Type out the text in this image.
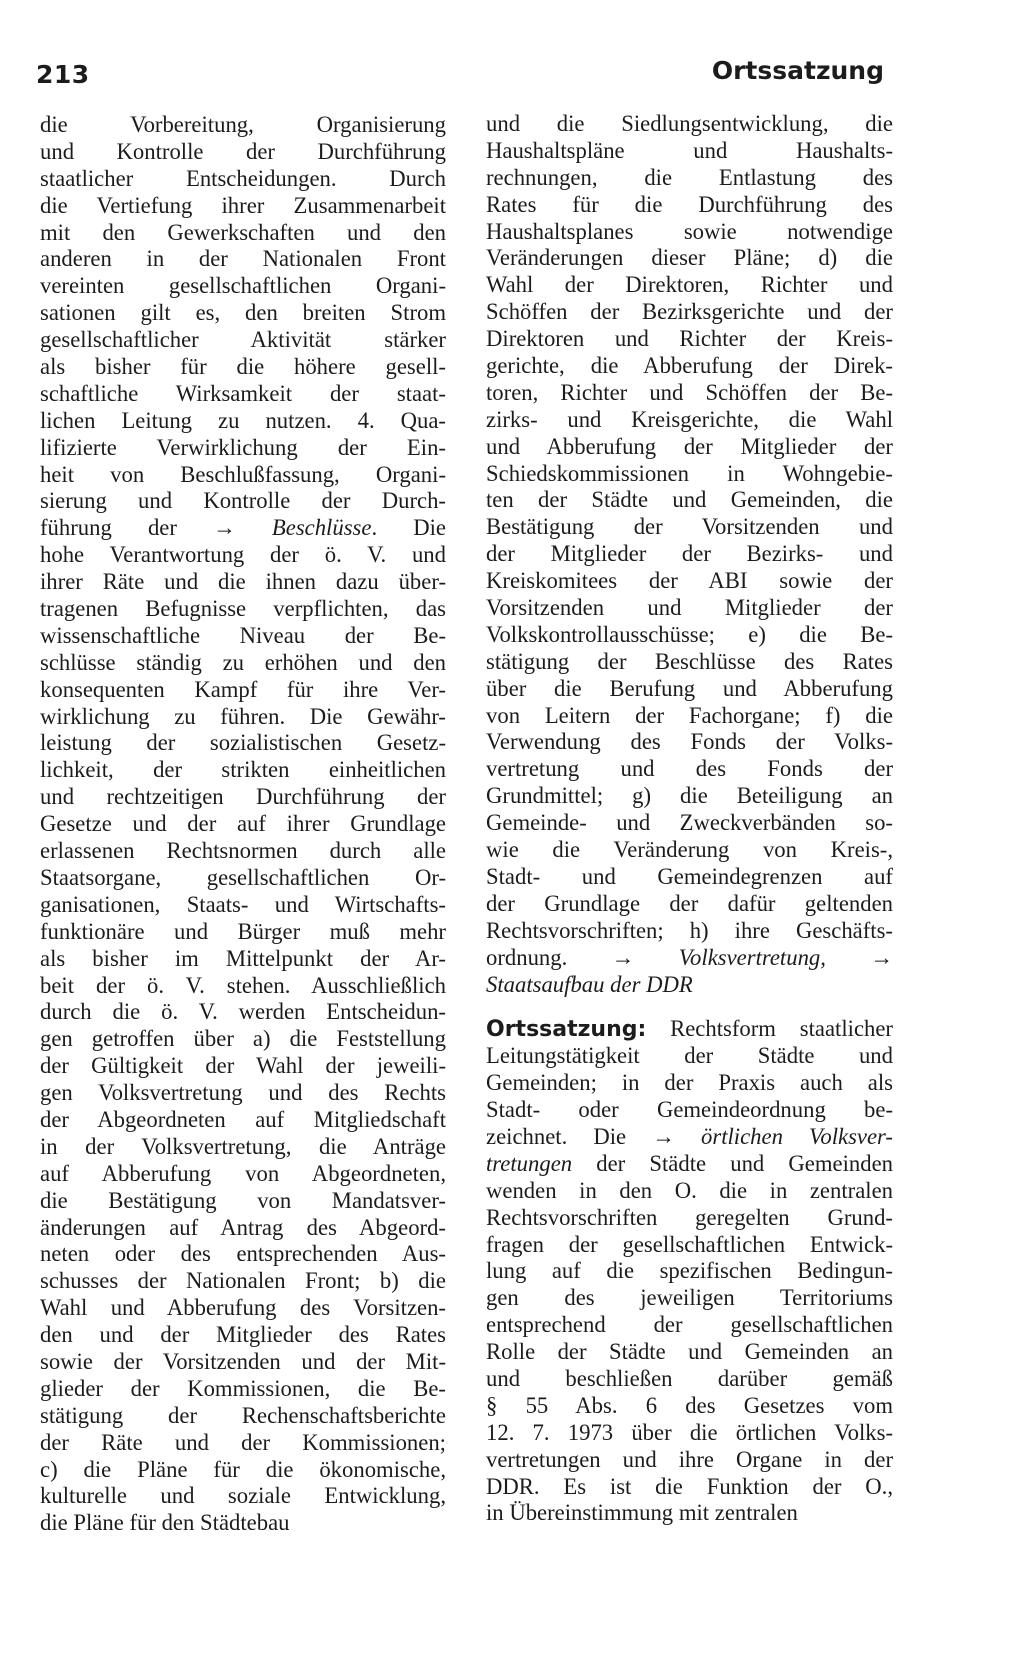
213	Ortssatzung
die Vorbereitung, Organisierung
und Kontrolle der Durchführung
staatlicher Entscheidungen. Durch
die Vertiefung ihrer Zusammenarbeit
mit den Gewerkschaften und den
anderen in der Nationalen Front
vereinten gesellschaftlichen Organi-
sationen gilt es, den breiten Strom
gesellschaftlicher Aktivität stärker
als bisher für die höhere gesell-
schaftliche Wirksamkeit der staat-
lichen Leitung zu nutzen. 4. Qua-
lifizierte Verwirklichung der Ein-
heit von Beschlußfassung, Organi-
sierung und Kontrolle der Durch-
führung der → Beschlüsse. Die
hohe Verantwortung der ö. V. und
ihrer Räte und die ihnen dazu über-
tragenen Befugnisse verpflichten, das
wissenschaftliche Niveau der Be-
schlüsse ständig zu erhöhen und den
konsequenten Kampf für ihre Ver-
wirklichung zu führen. Die Gewähr-
leistung der sozialistischen Gesetz-
lichkeit, der strikten einheitlichen
und rechtzeitigen Durchführung der
Gesetze und der auf ihrer Grundlage
erlassenen Rechtsnormen durch alle
Staatsorgane, gesellschaftlichen Or-
ganisationen, Staats- und Wirtschafts-
funktionäre und Bürger muß mehr
als bisher im Mittelpunkt der Ar-
beit der ö. V. stehen. Ausschließlich
durch die ö. V. werden Entscheidun-
gen getroffen über a) die Feststellung
der Gültigkeit der Wahl der jeweili-
gen Volksvertretung und des Rechts
der Abgeordneten auf Mitgliedschaft
in der Volksvertretung, die Anträge
auf Abberufung von Abgeordneten,
die Bestätigung von Mandatsver-
änderungen auf Antrag des Abgeord-
neten oder des entsprechenden Aus-
schusses der Nationalen Front; b) die
Wahl und Abberufung des Vorsitzen-
den und der Mitglieder des Rates
sowie der Vorsitzenden und der Mit-
glieder der Kommissionen, die Be-
stätigung der Rechenschaftsberichte
der Räte und der Kommissionen;
c) die Pläne für die ökonomische,
kulturelle und soziale Entwicklung,
die Pläne für den Städtebau
und die Siedlungsentwicklung, die
Haushaltspläne und Haushalts-
rechnungen, die Entlastung des
Rates für die Durchführung des
Haushaltsplanes sowie notwendige
Veränderungen dieser Pläne; d) die
Wahl der Direktoren, Richter und
Schöffen der Bezirksgerichte und der
Direktoren und Richter der Kreis-
gerichte, die Abberufung der Direk-
toren, Richter und Schöffen der Be-
zirks- und Kreisgerichte, die Wahl
und Abberufung der Mitglieder der
Schiedskommissionen in Wohngebie-
ten der Städte und Gemeinden, die
Bestätigung der Vorsitzenden und
der Mitglieder der Bezirks- und
Kreiskomitees der ABI sowie der
Vorsitzenden und Mitglieder der
Volkskontrollausschüsse; e) die Be-
stätigung der Beschlüsse des Rates
über die Berufung und Abberufung
von Leitern der Fachorgane; f) die
Verwendung des Fonds der Volks-
vertretung und des Fonds der
Grundmittel; g) die Beteiligung an
Gemeinde- und Zweckverbänden so-
wie die Veränderung von Kreis-,
Stadt- und Gemeindegrenzen auf
der Grundlage der dafür geltenden
Rechtsvorschriften; h) ihre Geschäfts-
ordnung. → Volksvertretung, →
Staatsaufbau der DDR
Ortssatzung: Rechtsform staatlicher
Leitungstätigkeit der Städte und
Gemeinden; in der Praxis auch als
Stadt- oder Gemeindeordnung be-
zeichnet. Die → örtlichen Volksver-
tretungen der Städte und Gemeinden
wenden in den O. die in zentralen
Rechtsvorschriften geregelten Grund-
fragen der gesellschaftlichen Entwick-
lung auf die spezifischen Bedingun-
gen des jeweiligen Territoriums
entsprechend der gesellschaftlichen
Rolle der Städte und Gemeinden an
und beschließen darüber gemäß
§ 55 Abs. 6 des Gesetzes vom
12. 7. 1973 über die örtlichen Volks-
vertretungen und ihre Organe in der
DDR. Es ist die Funktion der O.,
in Übereinstimmung mit zentralen
